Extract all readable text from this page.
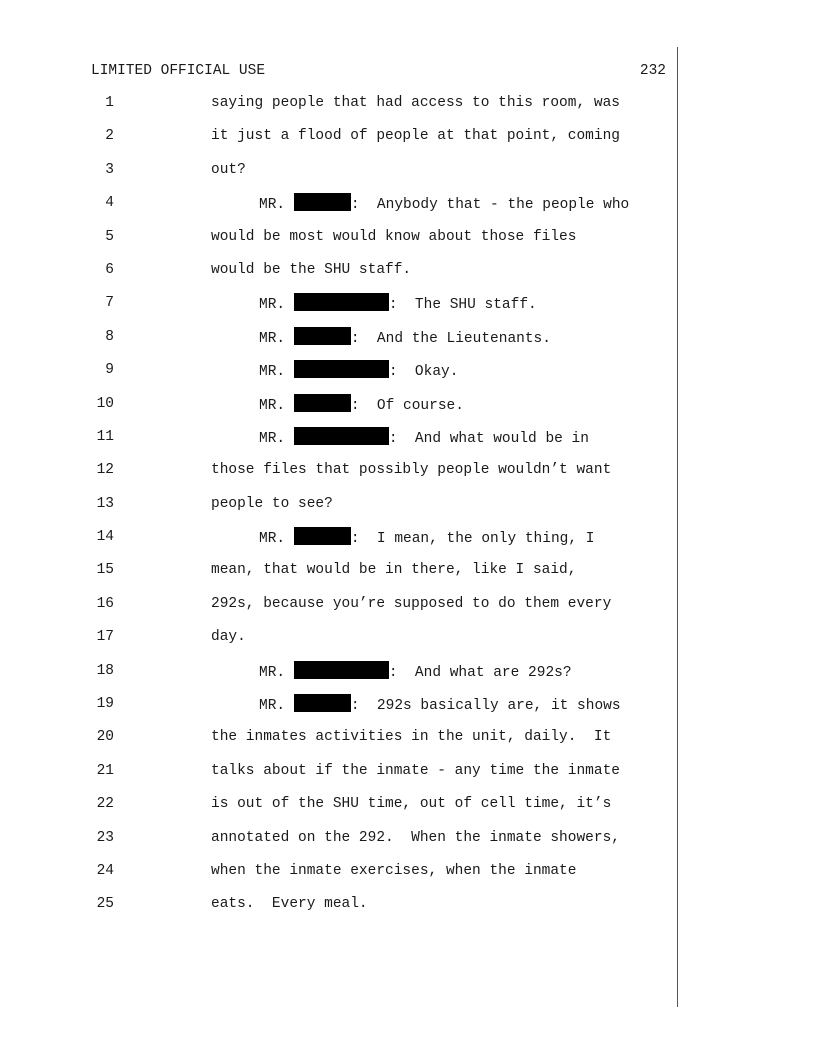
LIMITED OFFICIAL USE	232
1	saying people that had access to this room, was
2	it just a flood of people at that point, coming
3	out?
4	MR.	:  Anybody that - the people who
5	would be most would know about those files
6	would be the SHU staff.
7	MR.	:  The SHU staff.
8	MR.	:  And the Lieutenants.
9	MR.	:  Okay.
10	MR.	:  Of course.
11	MR.	:  And what would be in
12	those files that possibly people wouldn’t want
13	people to see?
14	MR.	:  I mean, the only thing, I
15	mean, that would be in there, like I said,
16	292s, because you’re supposed to do them every
17	day.
18	MR.	:  And what are 292s?
19	MR.	:  292s basically are, it shows
20	the inmates activities in the unit, daily.  It
21	talks about if the inmate - any time the inmate
22	is out of the SHU time, out of cell time, it’s
23	annotated on the 292.  When the inmate showers,
24	when the inmate exercises, when the inmate
25	eats.  Every meal.
